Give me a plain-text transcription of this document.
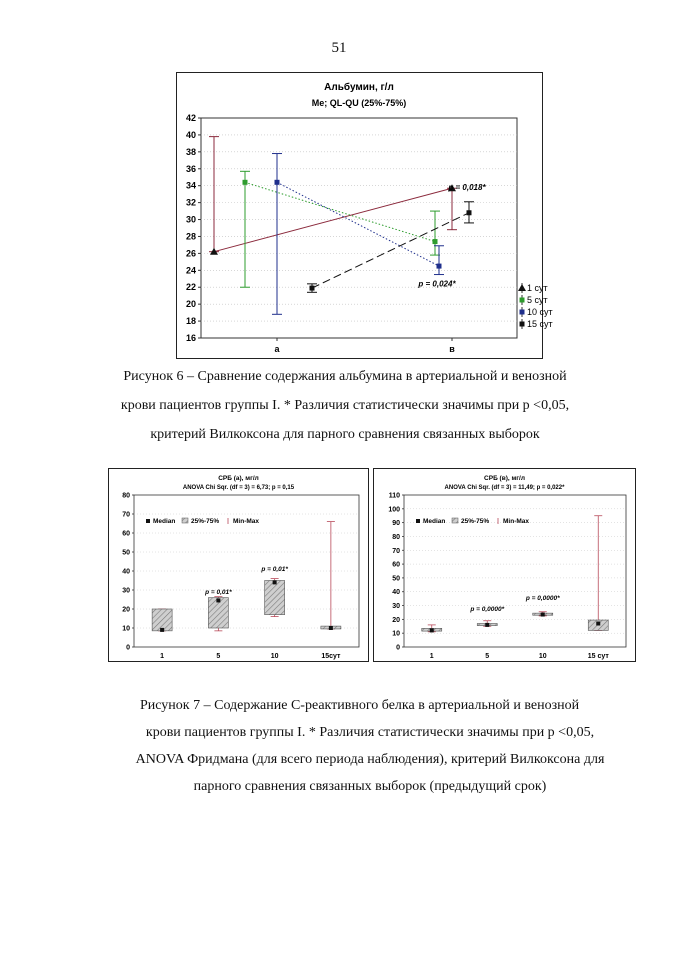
51
Альбумин, г/л
Me; QL-QU (25%-75%)
16
18
20
22
24
26
28
30
32
34
36
38
40
42
а	в
p = 0,018*
p = 0,024*	1 сут
5 сут
10 сут
15 сут
Рисунок 6 – Сравнение содержания альбумина в артериальной и венозной
крови пациентов группы I. * Различия статистически значимы при p <0,05,
критерий Вилкоксона для парного сравнения связанных выборок
СРБ (а), мг/л
ANOVA Chi Sqr. (df = 3) = 6,73; p = 0,15
0
10
20
30
40
50
60
70
80
1	5	10	15сут
p = 0,01*
p = 0,01*
Median 25%-75% Min-Max
СРБ (в), мг/л
ANOVA Chi Sqr. (df = 3) = 11,49; p = 0,022*
0
10
20
30
40
50
60
70
80
90
100
110
1	5	10	15 сут
p = 0,0000*
p = 0,0000*
Median 25%-75% Min-Max
Рисунок 7 – Содержание С-реактивного белка в артериальной и венозной
крови пациентов группы I. * Различия статистически значимы при p <0,05,
ANOVA Фридмана (для всего периода наблюдения), критерий Вилкоксона для
парного сравнения связанных выборок (предыдущий срок)
